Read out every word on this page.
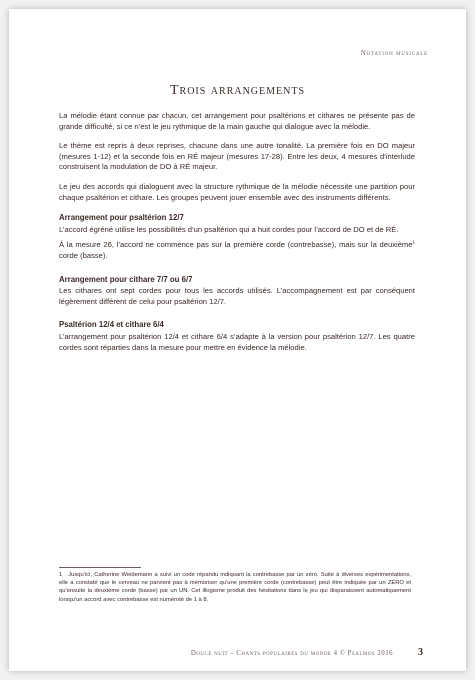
Notation musicale
Trois arrangements

La mélodie étant connue par chacun, cet arrangement pour psaltérions et cithares ne présente pas de grande difficulté, si ce n’est le jeu rythmique de la main gauche qui dialogue avec la mélodie.

Le thème est repris à deux reprises, chacune dans une autre tonalité. La première fois en DO majeur (mesures 1-12) et la seconde fois en RÉ majeur (mesures 17-28). Entre les deux, 4 mesures d’interlude construisent la modulation de DO à RÉ majeur.

Le jeu des accords qui dialoguent avec la structure rythmique de la mélodie nécessite une partition pour chaque psaltérion et cithare. Les groupes peuvent jouer ensemble avec des instruments différents.

Arrangement pour psaltérion 12/7

L’accord égréné utilise les possibilités d’un psaltérion qui a huit cordes pour l’accord de DO et de RÉ.

À la mesure 26, l’accord ne commence pas sur la première corde (contrebasse), mais sur la deuxième$^1$ corde (basse).

Arrangement pour cithare 7/7 ou 6/7

Les cithares ont sept cordes pour tous les accords utilisés. L’accompagnement est par conséquent légèrement différent de celui pour psaltérion 12/7.

Psaltérion 12/4 et cithare 6/4

L’arrangement pour psaltérion 12/4 et cithare 6/4 s’adapte à la version pour psaltérion 12/7. Les quatre cordes sont réparties dans la mesure pour mettre en évidence la mélodie.

1 Jusqu’ici, Catherine Weidemann a suivi un code répandu indiquant la contrebasse par un zéro. Suite à diverses expérimentations, elle a constaté que le cerveau ne parvient pas à mémoriser qu’une première corde (contrebasse) peut être indiquée par un ZÉRO et qu’ensuite la deuxième corde (basse) par un UN. Cet illogisme produit des hésitations dans le jeu qui disparaissent automatiquement lorsqu’un accord avec contrebasse est numéroté de 1 à 8.
Douce nuit – Chants populaires du monde 4 © Psalmos 2016	3
